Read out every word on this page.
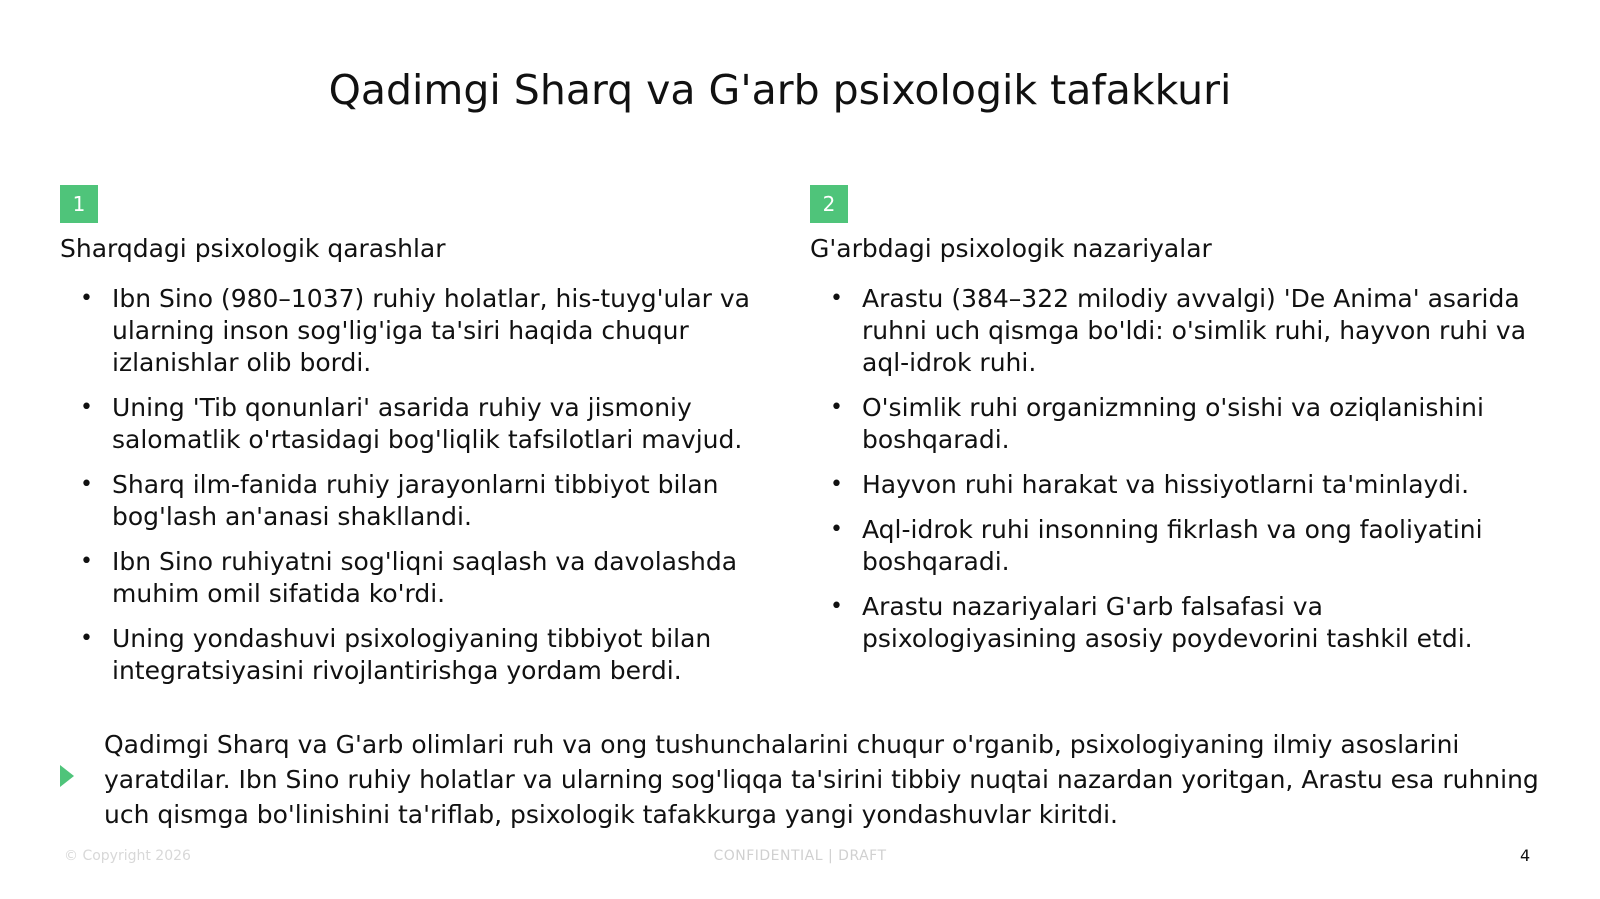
Qadimgi Sharq va G'arb psixologik tafakkuri
1
Sharqdagi psixologik qarashlar
• Ibn Sino (980–1037) ruhiy holatlar, his-tuyg'ular va ularning inson sog'lig'iga ta'siri haqida chuqur izlanishlar olib bordi.
• Uning 'Tib qonunlari' asarida ruhiy va jismoniy salomatlik o'rtasidagi bog'liqlik tafsilotlari mavjud.
• Sharq ilm-fanida ruhiy jarayonlarni tibbiyot bilan bog'lash an'anasi shakllandi.
• Ibn Sino ruhiyatni sog'liqni saqlash va davolashda muhim omil sifatida ko'rdi.
• Uning yondashuvi psixologiyaning tibbiyot bilan integratsiyasini rivojlantirishga yordam berdi.
2
G'arbdagi psixologik nazariyalar
• Arastu (384–322 milodiy avvalgi) 'De Anima' asarida ruhni uch qismga bo'ldi: o'simlik ruhi, hayvon ruhi va aql-idrok ruhi.
• O'simlik ruhi organizmning o'sishi va oziqlanishini boshqaradi.
• Hayvon ruhi harakat va hissiyotlarni ta'minlaydi.
• Aql-idrok ruhi insonning fikrlash va ong faoliyatini boshqaradi.
• Arastu nazariyalari G'arb falsafasi va psixologiyasining asosiy poydevorini tashkil etdi.
Qadimgi Sharq va G'arb olimlari ruh va ong tushunchalarini chuqur o'rganib, psixologiyaning ilmiy asoslarini yaratdilar. Ibn Sino ruhiy holatlar va ularning sog'liqqa ta'sirini tibbiy nuqtai nazardan yoritgan, Arastu esa ruhning uch qismga bo'linishini ta'riflab, psixologik tafakkurga yangi yondashuvlar kiritdi.
© Copyright 2026	CONFIDENTIAL | DRAFT	4
